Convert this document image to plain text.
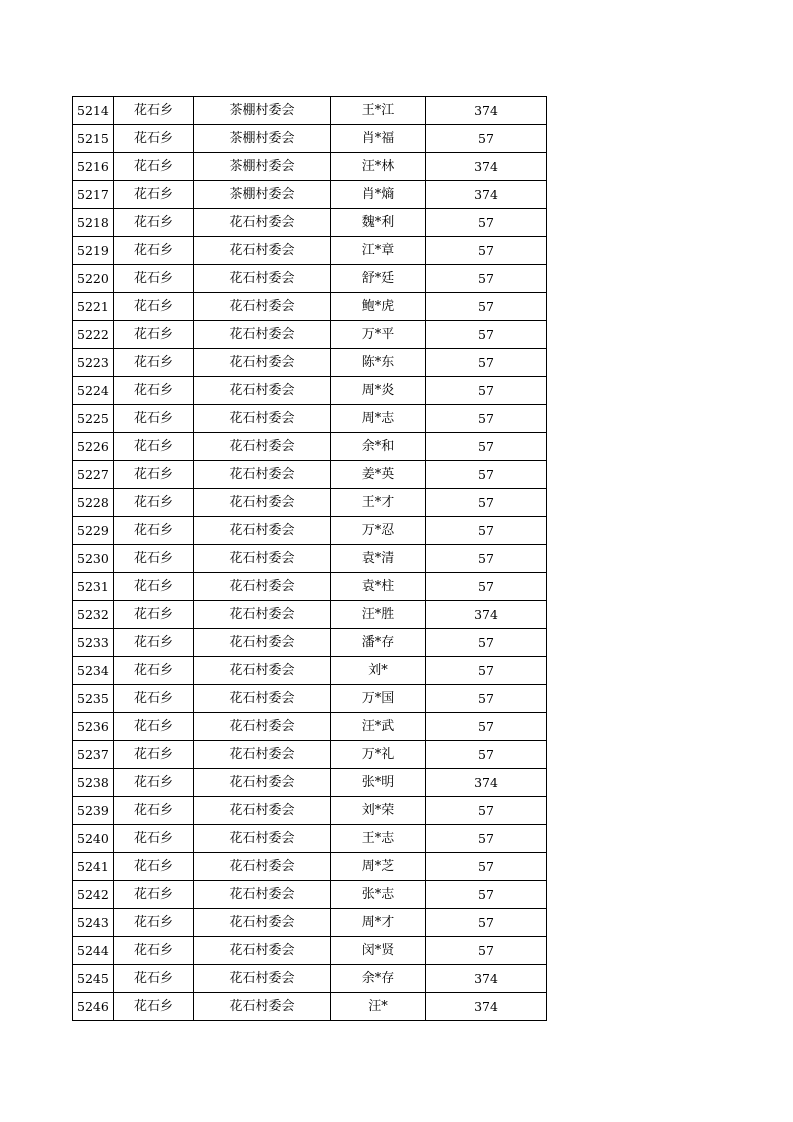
5214	花石乡	茶棚村委会	王*江	374
5215	花石乡	茶棚村委会	肖*福	57
5216	花石乡	茶棚村委会	汪*林	374
5217	花石乡	茶棚村委会	肖*熵	374
5218	花石乡	花石村委会	魏*利	57
5219	花石乡	花石村委会	江*章	57
5220	花石乡	花石村委会	舒*廷	57
5221	花石乡	花石村委会	鲍*虎	57
5222	花石乡	花石村委会	万*平	57
5223	花石乡	花石村委会	陈*东	57
5224	花石乡	花石村委会	周*炎	57
5225	花石乡	花石村委会	周*志	57
5226	花石乡	花石村委会	余*和	57
5227	花石乡	花石村委会	姜*英	57
5228	花石乡	花石村委会	王*才	57
5229	花石乡	花石村委会	万*忍	57
5230	花石乡	花石村委会	袁*清	57
5231	花石乡	花石村委会	袁*柱	57
5232	花石乡	花石村委会	汪*胜	374
5233	花石乡	花石村委会	潘*存	57
5234	花石乡	花石村委会	刘*	57
5235	花石乡	花石村委会	万*国	57
5236	花石乡	花石村委会	汪*武	57
5237	花石乡	花石村委会	万*礼	57
5238	花石乡	花石村委会	张*明	374
5239	花石乡	花石村委会	刘*荣	57
5240	花石乡	花石村委会	王*志	57
5241	花石乡	花石村委会	周*芝	57
5242	花石乡	花石村委会	张*志	57
5243	花石乡	花石村委会	周*才	57
5244	花石乡	花石村委会	闵*贤	57
5245	花石乡	花石村委会	余*存	374
5246	花石乡	花石村委会	汪*	374
